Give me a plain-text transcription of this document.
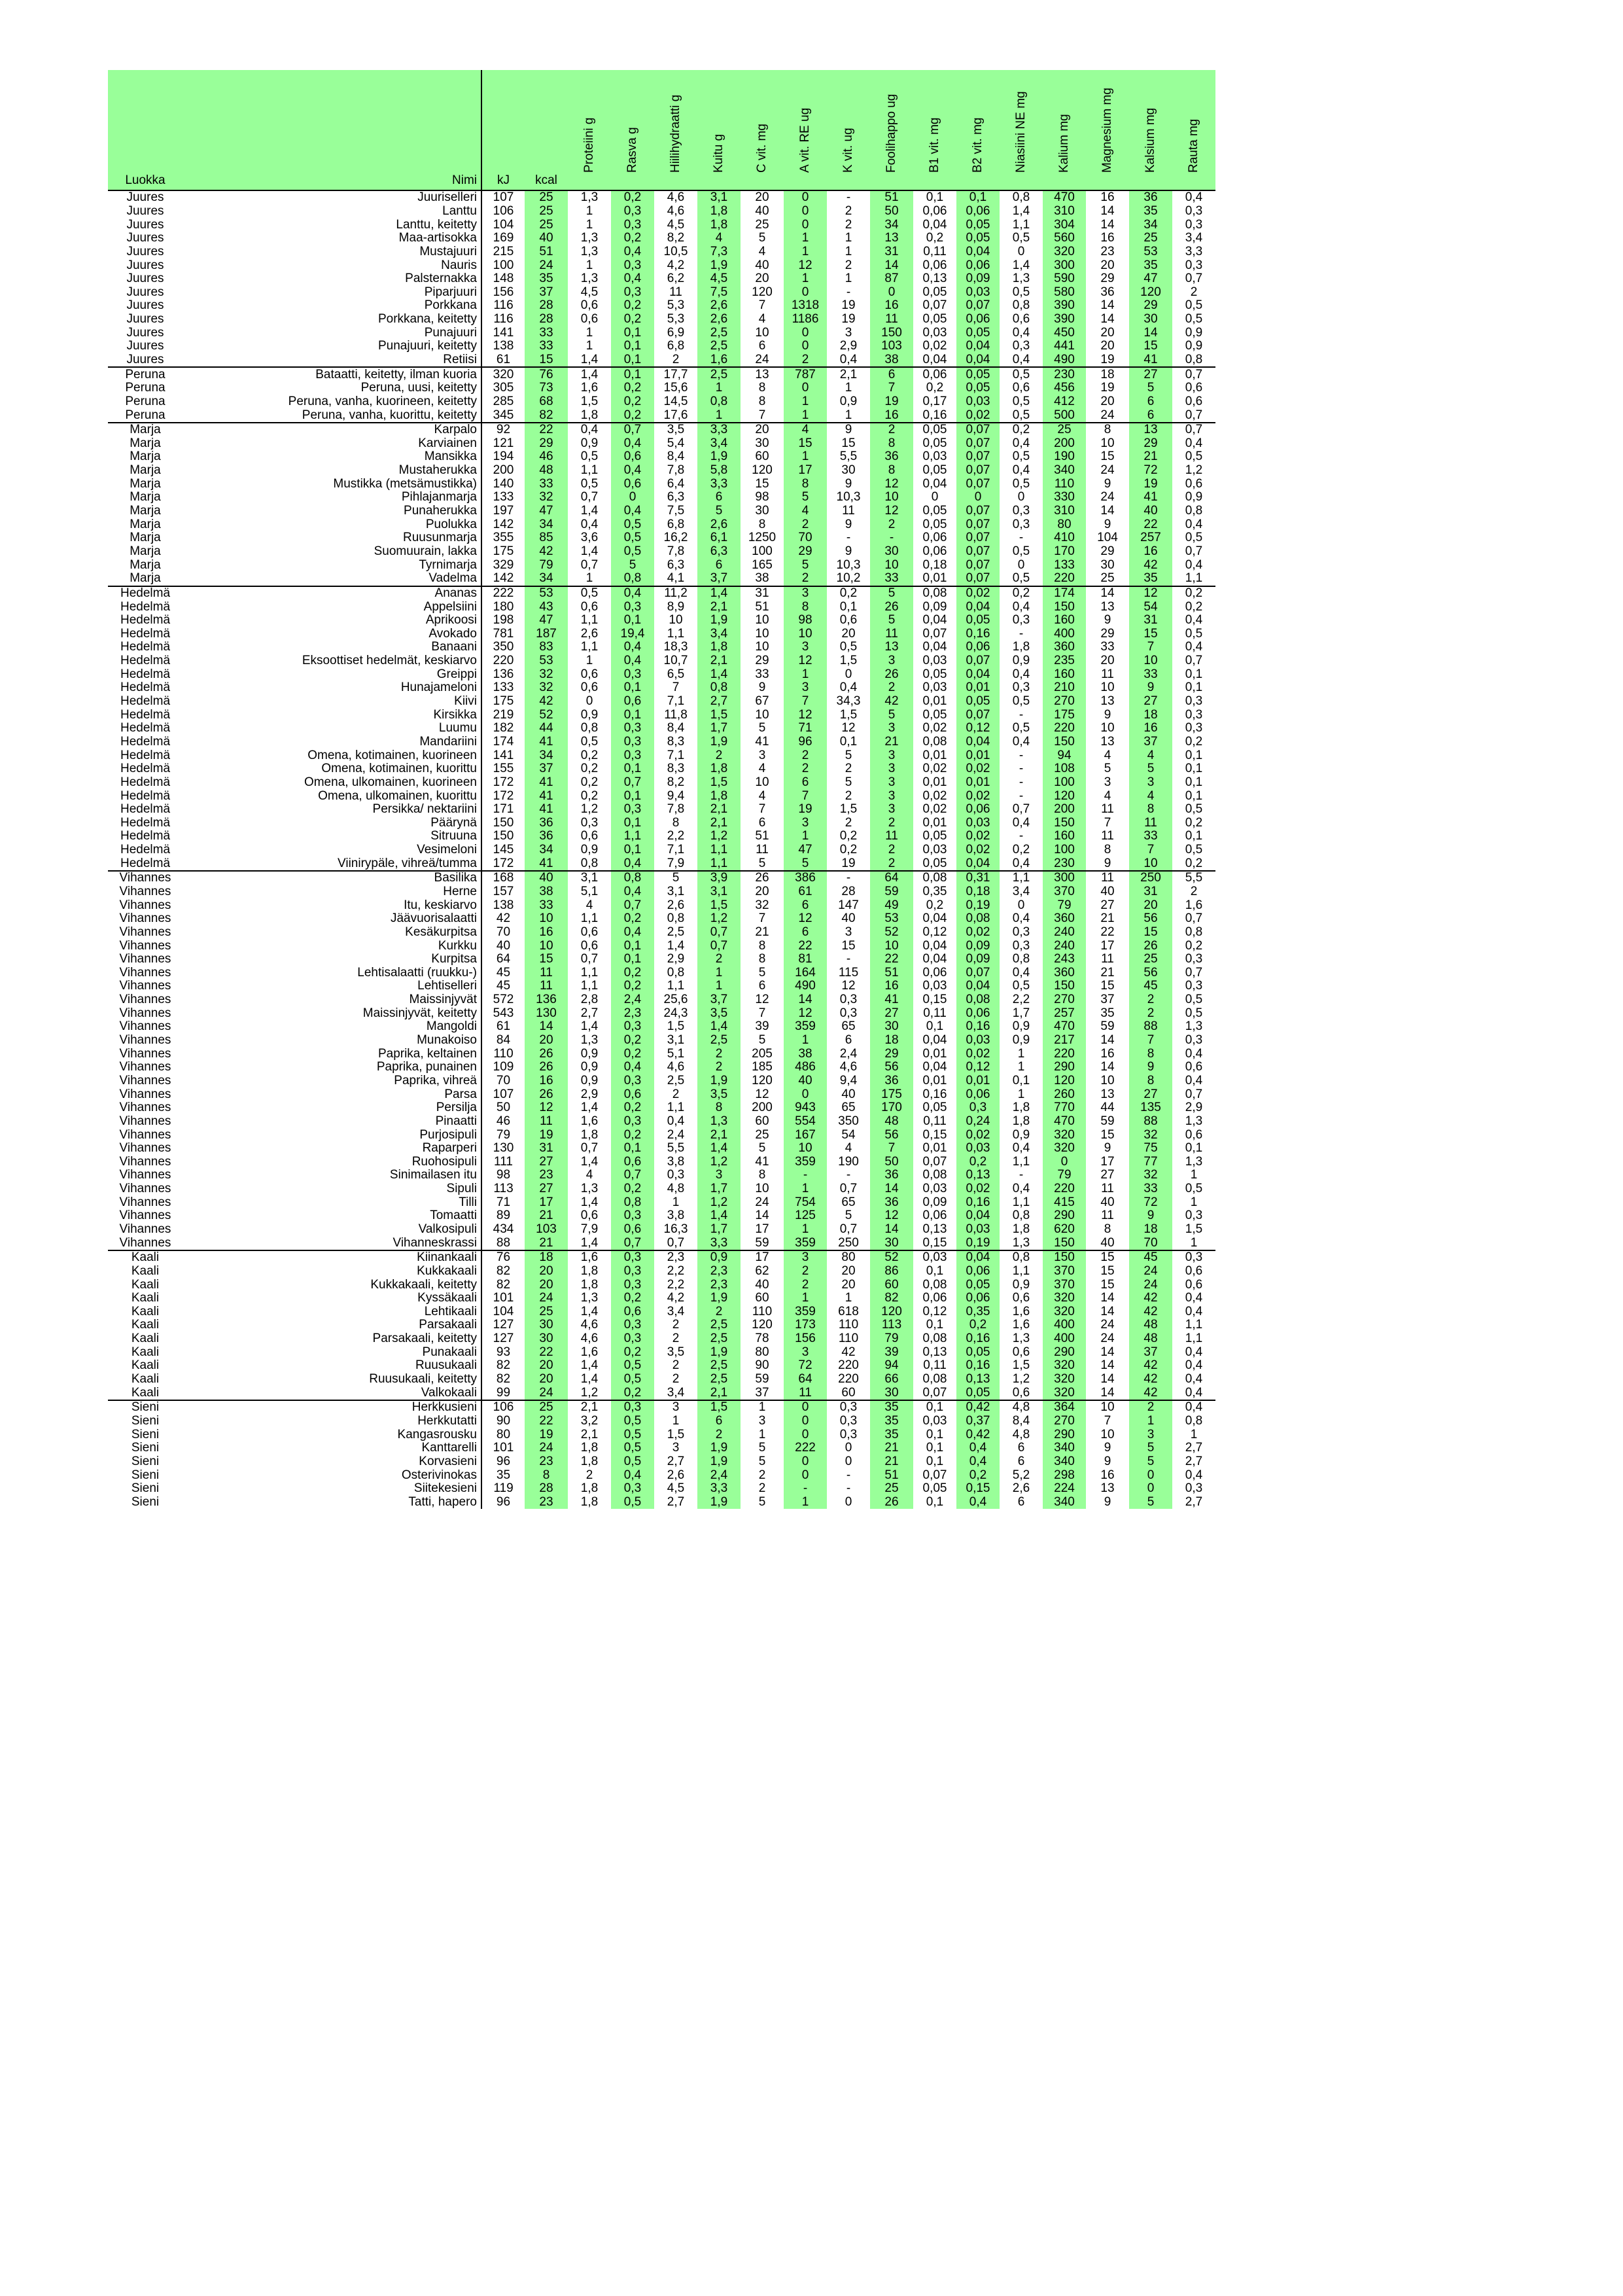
Luokka	Nimi	kJ	kcal	Proteiini g	Rasva g	Hiilihydraatti g	Kuitu g	C vit. mg	A vit. RE ug	K vit. ug	Foolihappo ug	B1 vit. mg	B2 vit. mg	Niasiini NE mg	Kalium mg	Magnesium mg	Kalsium mg	Rauta mg

Juures	Juuriselleri	107	25	1,3	0,2	4,6	3,1	20	0	-	51	0,1	0,1	0,8	470	16	36	0,4
Juures	Lanttu	106	25	1	0,3	4,6	1,8	40	0	2	50	0,06	0,06	1,4	310	14	35	0,3
Juures	Lanttu, keitetty	104	25	1	0,3	4,5	1,8	25	0	2	34	0,04	0,05	1,1	304	14	34	0,3
Juures	Maa-artisokka	169	40	1,3	0,2	8,2	4	5	1	1	13	0,2	0,05	0,5	560	16	25	3,4
Juures	Mustajuuri	215	51	1,3	0,4	10,5	7,3	4	1	1	31	0,11	0,04	0	320	23	53	3,3
Juures	Nauris	100	24	1	0,3	4,2	1,9	40	12	2	14	0,06	0,06	1,4	300	20	35	0,3
Juures	Palsternakka	148	35	1,3	0,4	6,2	4,5	20	1	1	87	0,13	0,09	1,3	590	29	47	0,7
Juures	Piparjuuri	156	37	4,5	0,3	11	7,5	120	0	-	0	0,05	0,03	0,5	580	36	120	2
Juures	Porkkana	116	28	0,6	0,2	5,3	2,6	7	1318	19	16	0,07	0,07	0,8	390	14	29	0,5
Juures	Porkkana, keitetty	116	28	0,6	0,2	5,3	2,6	4	1186	19	11	0,05	0,06	0,6	390	14	30	0,5
Juures	Punajuuri	141	33	1	0,1	6,9	2,5	10	0	3	150	0,03	0,05	0,4	450	20	14	0,9
Juures	Punajuuri, keitetty	138	33	1	0,1	6,8	2,5	6	0	2,9	103	0,02	0,04	0,3	441	20	15	0,9
Juures	Retiisi	61	15	1,4	0,1	2	1,6	24	2	0,4	38	0,04	0,04	0,4	490	19	41	0,8
Peruna	Bataatti, keitetty, ilman kuoria	320	76	1,4	0,1	17,7	2,5	13	787	2,1	6	0,06	0,05	0,5	230	18	27	0,7
Peruna	Peruna, uusi, keitetty	305	73	1,6	0,2	15,6	1	8	0	1	7	0,2	0,05	0,6	456	19	5	0,6
Peruna	Peruna, vanha, kuorineen, keitetty	285	68	1,5	0,2	14,5	0,8	8	1	0,9	19	0,17	0,03	0,5	412	20	6	0,6
Peruna	Peruna, vanha, kuorittu, keitetty	345	82	1,8	0,2	17,6	1	7	1	1	16	0,16	0,02	0,5	500	24	6	0,7
Marja	Karpalo	92	22	0,4	0,7	3,5	3,3	20	4	9	2	0,05	0,07	0,2	25	8	13	0,7
Marja	Karviainen	121	29	0,9	0,4	5,4	3,4	30	15	15	8	0,05	0,07	0,4	200	10	29	0,4
Marja	Mansikka	194	46	0,5	0,6	8,4	1,9	60	1	5,5	36	0,03	0,07	0,5	190	15	21	0,5
Marja	Mustaherukka	200	48	1,1	0,4	7,8	5,8	120	17	30	8	0,05	0,07	0,4	340	24	72	1,2
Marja	Mustikka (metsämustikka)	140	33	0,5	0,6	6,4	3,3	15	8	9	12	0,04	0,07	0,5	110	9	19	0,6
Marja	Pihlajanmarja	133	32	0,7	0	6,3	6	98	5	10,3	10	0	0	0	330	24	41	0,9
Marja	Punaherukka	197	47	1,4	0,4	7,5	5	30	4	11	12	0,05	0,07	0,3	310	14	40	0,8
Marja	Puolukka	142	34	0,4	0,5	6,8	2,6	8	2	9	2	0,05	0,07	0,3	80	9	22	0,4
Marja	Ruusunmarja	355	85	3,6	0,5	16,2	6,1	1250	70	-	-	0,06	0,07	-	410	104	257	0,5
Marja	Suomuurain, lakka	175	42	1,4	0,5	7,8	6,3	100	29	9	30	0,06	0,07	0,5	170	29	16	0,7
Marja	Tyrnimarja	329	79	0,7	5	6,3	6	165	5	10,3	10	0,18	0,07	0	133	30	42	0,4
Marja	Vadelma	142	34	1	0,8	4,1	3,7	38	2	10,2	33	0,01	0,07	0,5	220	25	35	1,1
Hedelmä	Ananas	222	53	0,5	0,4	11,2	1,4	31	3	0,2	5	0,08	0,02	0,2	174	14	12	0,2
Hedelmä	Appelsiini	180	43	0,6	0,3	8,9	2,1	51	8	0,1	26	0,09	0,04	0,4	150	13	54	0,2
Hedelmä	Aprikoosi	198	47	1,1	0,1	10	1,9	10	98	0,6	5	0,04	0,05	0,3	160	9	31	0,4
Hedelmä	Avokado	781	187	2,6	19,4	1,1	3,4	10	10	20	11	0,07	0,16	-	400	29	15	0,5
Hedelmä	Banaani	350	83	1,1	0,4	18,3	1,8	10	3	0,5	13	0,04	0,06	1,8	360	33	7	0,4
Hedelmä	Eksoottiset hedelmät, keskiarvo	220	53	1	0,4	10,7	2,1	29	12	1,5	3	0,03	0,07	0,9	235	20	10	0,7
Hedelmä	Greippi	136	32	0,6	0,3	6,5	1,4	33	1	0	26	0,05	0,04	0,4	160	11	33	0,1
Hedelmä	Hunajameloni	133	32	0,6	0,1	7	0,8	9	3	0,4	2	0,03	0,01	0,3	210	10	9	0,1
Hedelmä	Kiivi	175	42	0	0,6	7,1	2,7	67	7	34,3	42	0,01	0,05	0,5	270	13	27	0,3
Hedelmä	Kirsikka	219	52	0,9	0,1	11,8	1,5	10	12	1,5	5	0,05	0,07	-	175	9	18	0,3
Hedelmä	Luumu	182	44	0,8	0,3	8,4	1,7	5	71	12	3	0,02	0,12	0,5	220	10	16	0,3
Hedelmä	Mandariini	174	41	0,5	0,3	8,3	1,9	41	96	0,1	21	0,08	0,04	0,4	150	13	37	0,2
Hedelmä	Omena, kotimainen, kuorineen	141	34	0,2	0,3	7,1	2	3	2	5	3	0,01	0,01	-	94	4	4	0,1
Hedelmä	Omena, kotimainen, kuorittu	155	37	0,2	0,1	8,3	1,8	4	2	2	3	0,02	0,02	-	108	5	5	0,1
Hedelmä	Omena, ulkomainen, kuorineen	172	41	0,2	0,7	8,2	1,5	10	6	5	3	0,01	0,01	-	100	3	3	0,1
Hedelmä	Omena, ulkomainen, kuorittu	172	41	0,2	0,1	9,4	1,8	4	7	2	3	0,02	0,02	-	120	4	4	0,1
Hedelmä	Persikka/ nektariini	171	41	1,2	0,3	7,8	2,1	7	19	1,5	3	0,02	0,06	0,7	200	11	8	0,5
Hedelmä	Päärynä	150	36	0,3	0,1	8	2,1	6	3	2	2	0,01	0,03	0,4	150	7	11	0,2
Hedelmä	Sitruuna	150	36	0,6	1,1	2,2	1,2	51	1	0,2	11	0,05	0,02	-	160	11	33	0,1
Hedelmä	Vesimeloni	145	34	0,9	0,1	7,1	1,1	11	47	0,2	2	0,03	0,02	0,2	100	8	7	0,5
Hedelmä	Viinirypäle, vihreä/tumma	172	41	0,8	0,4	7,9	1,1	5	5	19	2	0,05	0,04	0,4	230	9	10	0,2
Vihannes	Basilika	168	40	3,1	0,8	5	3,9	26	386	-	64	0,08	0,31	1,1	300	11	250	5,5
Vihannes	Herne	157	38	5,1	0,4	3,1	3,1	20	61	28	59	0,35	0,18	3,4	370	40	31	2
Vihannes	Itu, keskiarvo	138	33	4	0,7	2,6	1,5	32	6	147	49	0,2	0,19	0	79	27	20	1,6
Vihannes	Jäävuorisalaatti	42	10	1,1	0,2	0,8	1,2	7	12	40	53	0,04	0,08	0,4	360	21	56	0,7
Vihannes	Kesäkurpitsa	70	16	0,6	0,4	2,5	0,7	21	6	3	52	0,12	0,02	0,3	240	22	15	0,8
Vihannes	Kurkku	40	10	0,6	0,1	1,4	0,7	8	22	15	10	0,04	0,09	0,3	240	17	26	0,2
Vihannes	Kurpitsa	64	15	0,7	0,1	2,9	2	8	81	-	22	0,04	0,09	0,8	243	11	25	0,3
Vihannes	Lehtisalaatti (ruukku-)	45	11	1,1	0,2	0,8	1	5	164	115	51	0,06	0,07	0,4	360	21	56	0,7
Vihannes	Lehtiselleri	45	11	1,1	0,2	1,1	1	6	490	12	16	0,03	0,04	0,5	150	15	45	0,3
Vihannes	Maissinjyvät	572	136	2,8	2,4	25,6	3,7	12	14	0,3	41	0,15	0,08	2,2	270	37	2	0,5
Vihannes	Maissinjyvät, keitetty	543	130	2,7	2,3	24,3	3,5	7	12	0,3	27	0,11	0,06	1,7	257	35	2	0,5
Vihannes	Mangoldi	61	14	1,4	0,3	1,5	1,4	39	359	65	30	0,1	0,16	0,9	470	59	88	1,3
Vihannes	Munakoiso	84	20	1,3	0,2	3,1	2,5	5	1	6	18	0,04	0,03	0,9	217	14	7	0,3
Vihannes	Paprika, keltainen	110	26	0,9	0,2	5,1	2	205	38	2,4	29	0,01	0,02	1	220	16	8	0,4
Vihannes	Paprika, punainen	109	26	0,9	0,4	4,6	2	185	486	4,6	56	0,04	0,12	1	290	14	9	0,6
Vihannes	Paprika, vihreä	70	16	0,9	0,3	2,5	1,9	120	40	9,4	36	0,01	0,01	0,1	120	10	8	0,4
Vihannes	Parsa	107	26	2,9	0,6	2	3,5	12	0	40	175	0,16	0,06	1	260	13	27	0,7
Vihannes	Persilja	50	12	1,4	0,2	1,1	8	200	943	65	170	0,05	0,3	1,8	770	44	135	2,9
Vihannes	Pinaatti	46	11	1,6	0,3	0,4	1,3	60	554	350	48	0,11	0,24	1,8	470	59	88	1,3
Vihannes	Purjosipuli	79	19	1,8	0,2	2,4	2,1	25	167	54	56	0,15	0,02	0,9	320	15	32	0,6
Vihannes	Raparperi	130	31	0,7	0,1	5,5	1,4	5	10	4	7	0,01	0,03	0,4	320	9	75	0,1
Vihannes	Ruohosipuli	111	27	1,4	0,6	3,8	1,2	41	359	190	50	0,07	0,2	1,1	0	17	77	1,3
Vihannes	Sinimailasen itu	98	23	4	0,7	0,3	3	8	-	-	36	0,08	0,13	-	79	27	32	1
Vihannes	Sipuli	113	27	1,3	0,2	4,8	1,7	10	1	0,7	14	0,03	0,02	0,4	220	11	33	0,5
Vihannes	Tilli	71	17	1,4	0,8	1	1,2	24	754	65	36	0,09	0,16	1,1	415	40	72	1
Vihannes	Tomaatti	89	21	0,6	0,3	3,8	1,4	14	125	5	12	0,06	0,04	0,8	290	11	9	0,3
Vihannes	Valkosipuli	434	103	7,9	0,6	16,3	1,7	17	1	0,7	14	0,13	0,03	1,8	620	8	18	1,5
Vihannes	Vihanneskrassi	88	21	1,4	0,7	0,7	3,3	59	359	250	30	0,15	0,19	1,3	150	40	70	1
Kaali	Kiinankaali	76	18	1,6	0,3	2,3	0,9	17	3	80	52	0,03	0,04	0,8	150	15	45	0,3
Kaali	Kukkakaali	82	20	1,8	0,3	2,2	2,3	62	2	20	86	0,1	0,06	1,1	370	15	24	0,6
Kaali	Kukkakaali, keitetty	82	20	1,8	0,3	2,2	2,3	40	2	20	60	0,08	0,05	0,9	370	15	24	0,6
Kaali	Kyssäkaali	101	24	1,3	0,2	4,2	1,9	60	1	1	82	0,06	0,06	0,6	320	14	42	0,4
Kaali	Lehtikaali	104	25	1,4	0,6	3,4	2	110	359	618	120	0,12	0,35	1,6	320	14	42	0,4
Kaali	Parsakaali	127	30	4,6	0,3	2	2,5	120	173	110	113	0,1	0,2	1,6	400	24	48	1,1
Kaali	Parsakaali, keitetty	127	30	4,6	0,3	2	2,5	78	156	110	79	0,08	0,16	1,3	400	24	48	1,1
Kaali	Punakaali	93	22	1,6	0,2	3,5	1,9	80	3	42	39	0,13	0,05	0,6	290	14	37	0,4
Kaali	Ruusukaali	82	20	1,4	0,5	2	2,5	90	72	220	94	0,11	0,16	1,5	320	14	42	0,4
Kaali	Ruusukaali, keitetty	82	20	1,4	0,5	2	2,5	59	64	220	66	0,08	0,13	1,2	320	14	42	0,4
Kaali	Valkokaali	99	24	1,2	0,2	3,4	2,1	37	11	60	30	0,07	0,05	0,6	320	14	42	0,4
Sieni	Herkkusieni	106	25	2,1	0,3	3	1,5	1	0	0,3	35	0,1	0,42	4,8	364	10	2	0,4
Sieni	Herkkutatti	90	22	3,2	0,5	1	6	3	0	0,3	35	0,03	0,37	8,4	270	7	1	0,8
Sieni	Kangasrousku	80	19	2,1	0,5	1,5	2	1	0	0,3	35	0,1	0,42	4,8	290	10	3	1
Sieni	Kanttarelli	101	24	1,8	0,5	3	1,9	5	222	0	21	0,1	0,4	6	340	9	5	2,7
Sieni	Korvasieni	96	23	1,8	0,5	2,7	1,9	5	0	0	21	0,1	0,4	6	340	9	5	2,7
Sieni	Osterivinokas	35	8	2	0,4	2,6	2,4	2	0	-	51	0,07	0,2	5,2	298	16	0	0,4
Sieni	Siitekesieni	119	28	1,8	0,3	4,5	3,3	2	-	-	25	0,05	0,15	2,6	224	13	0	0,3
Sieni	Tatti, hapero	96	23	1,8	0,5	2,7	1,9	5	1	0	26	0,1	0,4	6	340	9	5	2,7
